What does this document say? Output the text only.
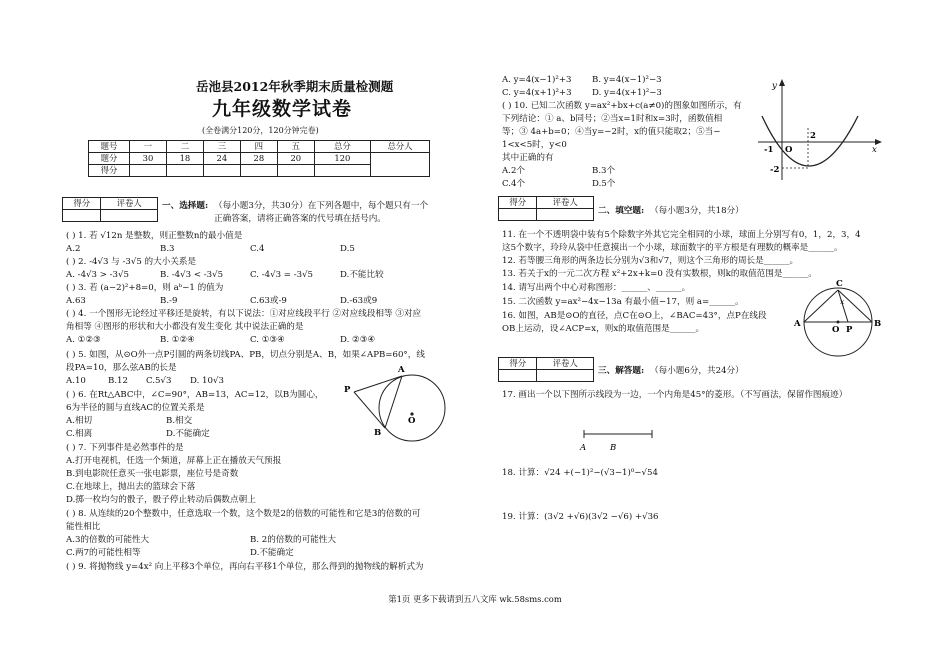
岳池县2012年秋季期末质量检测题
九年级数学试卷
(全卷满分120分，120分钟完卷)
题号	一	二	三	四	五	总分	总分人
题分	30	18	24	28	20	120	
得分							
得分	评卷人
	一、选择题: （每小题3分，共30分）在下列各题中，每个题只有一个
正确答案，请将正确答案的代号填在括号内。
( ) 1. 若 √12n 是整数，则正整数n的最小值是
A.2	B.3	C.4	D.5
( ) 2. -4√3 与 -3√5 的大小关系是
A. -4√3 > -3√5	B. -4√3 < -3√5	C. -4√3 = -3√5	D.不能比较
( ) 3. 若 (a−2)²+8=0，则 aᵇ−1 的值为
A.63	B.-9	C.63或-9	D.-63或9
( ) 4. 一个图形无论经过平移还是旋转，有以下说法：①对应线段平行 ②对应线段相等 ③对应
角相等 ④图形的形状和大小都没有发生变化 其中说法正确的是
A. ①②③	B. ①②④	C. ①③④	D. ②③④
( ) 5. 如图，从⊙O外一点P引圆的两条切线PA、PB，切点分别是A、B，如果∠APB=60°，线
段PA=10，那么弦AB的长是
A.10	B.12 C.5√3 D. 10√3
( ) 6. 在Rt△ABC中，∠C=90°，AB=13，AC=12，以B为圆心，
6为半径的圆与直线AC的位置关系是
A.相切	B.相交
C.相离	D.不能确定
( ) 7. 下列事件是必然事件的是
A.打开电视机，任选一个频道，屏幕上正在播放天气预报
B.到电影院任意买一张电影票，座位号是奇数
C.在地球上，抛出去的篮球会下落
D.掷一枚均匀的骰子，骰子停止转动后偶数点朝上
( ) 8. 从连续的20个整数中，任意选取一个数，这个数是2的倍数的可能性和它是3的倍数的可
能性相比
A.3的倍数的可能性大	B. 2的倍数的可能性大
C.两7的可能性相等	D.不能确定
( ) 9. 将抛物线 y=4x² 向上平移3个单位，再向右平移1个单位，那么得到的抛物线的解析式为
A
P
B
O
A. y=4(x−1)²+3 B. y=4(x−1)²−3
C. y=4(x+1)²+3 D. y=4(x+1)²−3
( ) 10. 已知二次函数 y=ax²+bx+c(a≠0)的图象如图所示，有
下列结论：① a、b同号；②当x=1时和x=3时，函数值相
等；③ 4a+b=0；④当y=−2时，x的值只能取2；⑤当−
1<x<5时，y<0
其中正确的有
A.2个	B.3个
C.4个	D.5个
y
x
O
-1
2
-2
得分	评卷人

二、填空题: （每小题3分，共18分）
11. 在一个不透明袋中装有5个除数字外其它完全相同的小球，球面上分别写有0，1，2，3，4
这5个数字，玲玲从袋中任意摸出一个小球，球面数字的平方根是有理数的概率是______。
12. 若等腰三角形的两条边长分别为√3和√7，则这个三角形的周长是______。
13. 若关于x的一元二次方程 x²+2x+k=0 没有实数根，则k的取值范围是______。
14. 请写出两个中心对称图形：______、______。
15. 二次函数 y=ax²−4x−13a 有最小值−17，则 a=______。
16. 如图，AB是⊙O的直径，点C在⊙O上，∠BAC=43°，点P在线段
OB上运动，设∠ACP=x，则x的取值范围是______。
C
A	B
O P
x
得分	评卷人

三、解答题: （每小题6分，共24分）
17. 画出一个以下图所示线段为一边，一个内角是45°的菱形。（不写画法，保留作图痕迹）
A	B
18. 计算：√24 +(−1)²−(√3−1)⁰−√54
19. 计算：(3√2 +√6)(3√2 −√6) +√36
第1页 更多下载请到五八文库 wk.58sms.com
